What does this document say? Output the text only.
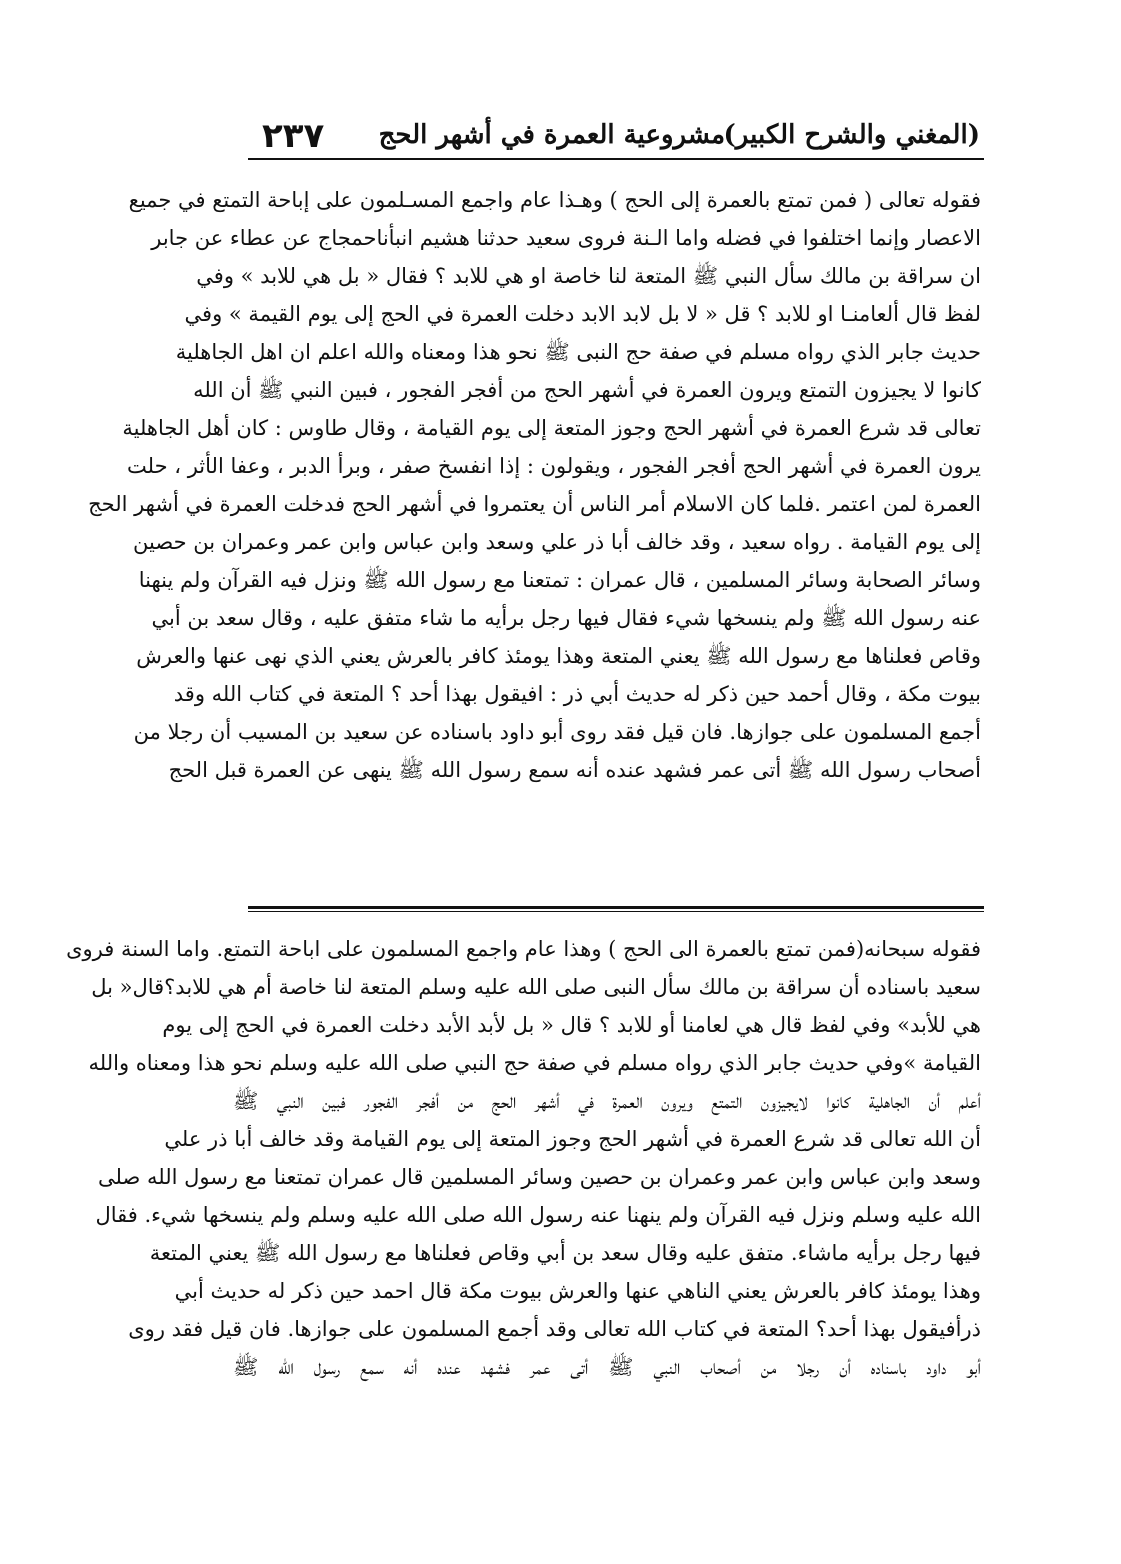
(المغني والشرح الكبير)
مشروعية العمرة في أشهر الحج
٢٣٧
فقوله تعالى ( فمن تمتع بالعمرة إلى الحج ) وهـذا عام واجمع المسـلمون على إباحة التمتع في جميع
الاعصار وإنما اختلفوا في فضله واما الـنة فروى سعيد حدثنا هشيم انبأناحمجاج عن عطاء عن جابر
ان سراقة بن مالك سأل النبي ﷺ المتعة لنا خاصة او هي للابد ؟ فقال « بل هي للابد » وفي
لفظ قال ألعامنـا او للابد ؟ قل « لا بل لابد الابد دخلت العمرة في الحج إلى يوم القيمة » وفي
حديث جابر الذي رواه مسلم في صفة حج النبى ﷺ نحو هذا ومعناه والله اعلم ان اهل الجاهلية
كانوا لا يجيزون التمتع ويرون العمرة في أشهر الحج من أفجر الفجور ، فبين النبي ﷺ أن الله
تعالى قد شرع العمرة في أشهر الحج وجوز المتعة إلى يوم القيامة ، وقال طاوس : كان أهل الجاهلية
يرون العمرة في أشهر الحج أفجر الفجور ، ويقولون : إذا انفسخ صفر ، وبرأ الدبر ، وعفا الأثر ، حلت
العمرة لمن اعتمر .فلما كان الاسلام أمر الناس أن يعتمروا في أشهر الحج فدخلت العمرة في أشهر الحج
إلى يوم القيامة . رواه سعيد ، وقد خالف أبا ذر علي وسعد وابن عباس وابن عمر وعمران بن حصين
وسائر الصحابة وسائر المسلمين ، قال عمران : تمتعنا مع رسول الله ﷺ ونزل فيه القرآن ولم ينهنا
عنه رسول الله ﷺ ولم ينسخها شيء فقال فيها رجل برأيه ما شاء متفق عليه ، وقال سعد بن أبي
وقاص فعلناها مع رسول الله ﷺ يعني المتعة وهذا يومئذ كافر بالعرش يعني الذي نهى عنها والعرش
بيوت مكة ، وقال أحمد حين ذكر له حديث أبي ذر : افيقول بهذا أحد ؟ المتعة في كتاب الله وقد
أجمع المسلمون على جوازها. فان قيل فقد روى أبو داود باسناده عن سعيد بن المسيب أن رجلا من
أصحاب رسول الله ﷺ أتى عمر فشهد عنده أنه سمع رسول الله ﷺ ينهى عن العمرة قبل الحج
فقوله سبحانه(فمن تمتع بالعمرة الى الحج ) وهذا عام واجمع المسلمون على اباحة التمتع. واما السنة فروى
سعيد باسناده أن سراقة بن مالك سأل النبى صلى الله عليه وسلم المتعة لنا خاصة أم هي للابد؟قال« بل
هي للأبد» وفي لفظ قال هي لعامنا أو للابد ؟ قال « بل لأبد الأبد دخلت العمرة في الحج إلى يوم
القيامة »وفي حديث جابر الذي رواه مسلم في صفة حج النبي صلى الله عليه وسلم نحو هذا ومعناه والله
أعلم أن الجاهلية كانوا لايجيزون التمتع ويرون العمرة في أشهر الحج من أفجر الفجور فبين النبي ﷺ
أن الله تعالى قد شرع العمرة في أشهر الحج وجوز المتعة إلى يوم القيامة وقد خالف أبا ذر علي
وسعد وابن عباس وابن عمر وعمران بن حصين وسائر المسلمين قال عمران تمتعنا مع رسول الله صلى
الله عليه وسلم ونزل فيه القرآن ولم ينهنا عنه رسول الله صلى الله عليه وسلم ولم ينسخها شيء. فقال
فيها رجل برأيه ماشاء. متفق عليه وقال سعد بن أبي وقاص فعلناها مع رسول الله ﷺ يعني المتعة
وهذا يومئذ كافر بالعرش يعني الناهي عنها والعرش بيوت مكة قال احمد حين ذكر له حديث أبي
ذرأفيقول بهذا أحد؟ المتعة في كتاب الله تعالى وقد أجمع المسلمون على جوازها. فان قيل فقد روى
أبو داود باسناده أن رجلا من أصحاب النبي ﷺ أتى عمر فشهد عنده أنه سمع رسول الله ﷺ
